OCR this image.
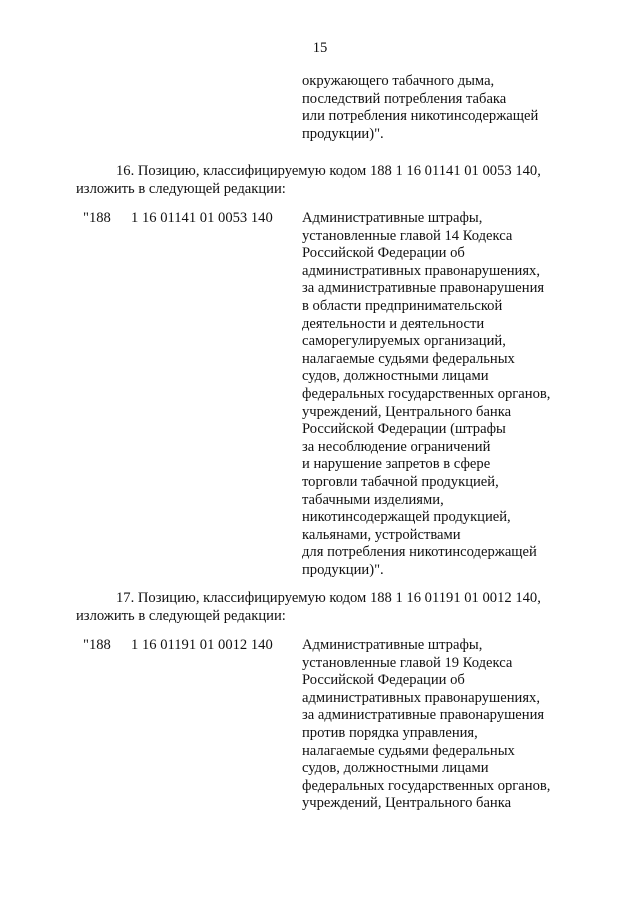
15
окружающего табачного дыма,
последствий потребления табака
или потребления никотинсодержащей
продукции)".
16. Позицию, классифицируемую кодом 188 1 16 01141 01 0053 140,
изложить в следующей редакции:
"188 1 16 01141 01 0053 140 Административные штрафы,
установленные главой 14 Кодекса
Российской Федерации об
административных правонарушениях,
за административные правонарушения
в области предпринимательской
деятельности и деятельности
саморегулируемых организаций,
налагаемые судьями федеральных
судов, должностными лицами
федеральных государственных органов,
учреждений, Центрального банка
Российской Федерации (штрафы
за несоблюдение ограничений
и нарушение запретов в сфере
торговли табачной продукцией,
табачными изделиями,
никотинсодержащей продукцией,
кальянами, устройствами
для потребления никотинсодержащей
продукции)".
17. Позицию, классифицируемую кодом 188 1 16 01191 01 0012 140,
изложить в следующей редакции:
"188 1 16 01191 01 0012 140 Административные штрафы,
установленные главой 19 Кодекса
Российской Федерации об
административных правонарушениях,
за административные правонарушения
против порядка управления,
налагаемые судьями федеральных
судов, должностными лицами
федеральных государственных органов,
учреждений, Центрального банка
